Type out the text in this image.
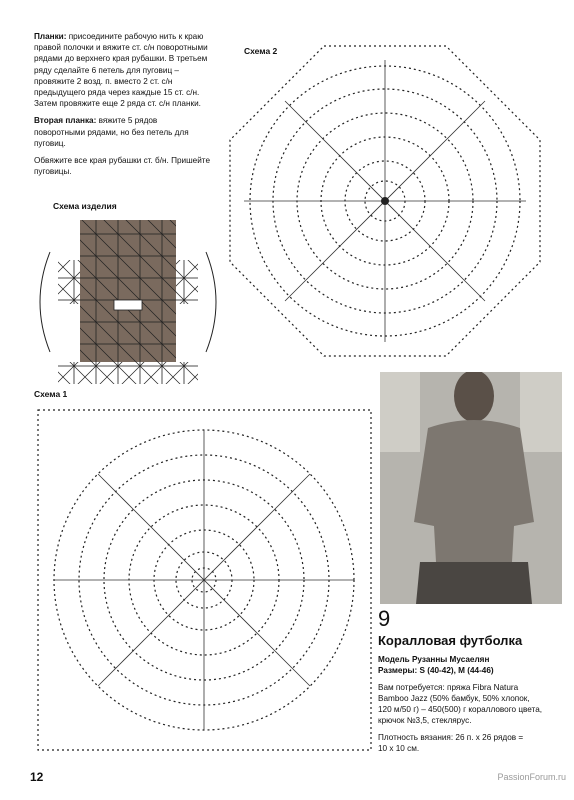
Планки: присоедините рабочую нить к краю правой полочки и вяжите ст. с/н поворотными рядами до верхнего края рубашки. В третьем ряду сделайте 6 петель для пуговиц – провяжите 2 возд. п. вместо 2 ст. с/н предыдущего ряда через каждые 15 ст. с/н. Затем провяжите еще 2 ряда ст. с/н планки.

Вторая планка: вяжите 5 рядов поворотными рядами, но без петель для пуговиц.

Обвяжите все края рубашки ст. б/н. Пришейте пуговицы.

Схема 2
Схема изделия
Схема 1
9
Коралловая футболка
Модель Рузанны Мусаелян
Размеры: S (40-42), M (44-46)
Вам потребуется: пряжа Fibra Natura
Bamboo Jazz (50% бамбук, 50% хлопок,
120 м/50 г) – 450(500) г кораллового цвета,
крючок №3,5, стеклярус.
Плотность вязания: 26 п. x 26 рядов =
10 x 10 см.
12	PassionForum.ru
